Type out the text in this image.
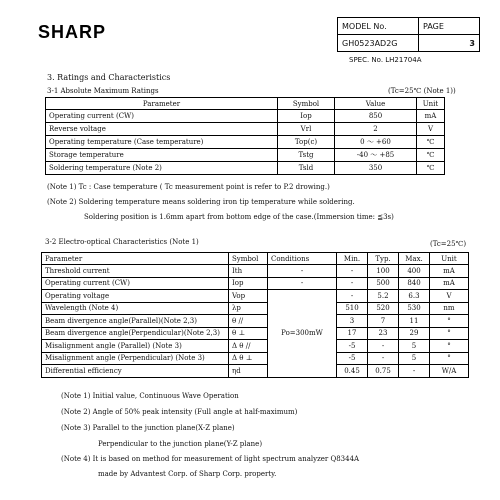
SHARP	MODEL No.	PAGE
GH0523AD2G	3
SPEC. No. LH21704A
3. Ratings and Characteristics
3-1 Absolute Maximum Ratings	(Tc=25℃ (Note 1))
Parameter	Symbol	Value	Unit
Operating current (CW)	Iop	850	mA
Reverse voltage	Vrl	2	V
Operating temperature (Case temperature)	Top(c)	0 〜 +60	℃
Storage temperature	Tstg	-40 〜 +85	℃
Soldering temperature (Note 2)	Tsld	350	℃
(Note 1) Tc : Case temperature ( Tc measurement point is refer to P.2 drowing.)
(Note 2) Soldering temperature means soldering iron tip temperature while soldering.
Soldering position is 1.6mm apart from bottom edge of the case.(Immersion time: ≦3s)
3-2 Electro-optical Characteristics (Note 1)	(Tc=25℃)
Parameter	Symbol	Conditions	Min.	Typ.	Max.	Unit
Threshold current	Ith	-	-	100	400	mA
Operating current (CW)	Iop	-	-	500	840	mA
Operating voltage	Vop	Po=300mW	-	5.2	6.3	V
Wavelength (Note 4)	λp		510	520	530	nm
Beam divergence angle(Parallel)(Note 2,3)	θ //		3	7	11	°
Beam divergence angle(Perpendicular)(Note 2,3)	θ ⊥		17	23	29	°
Misalignment angle (Parallel) (Note 3)	Δ θ //		-5	-	5	°
Misalignment angle (Perpendicular) (Note 3)	Δ θ ⊥		-5	-	5	°
Differential efficiency	ηd		0.45	0.75	-	W/A
(Note 1) Initial value, Continuous Wave Operation
(Note 2) Angle of 50% peak intensity (Full angle at half-maximum)
(Note 3) Parallel to the junction plane(X-Z plane)
Perpendicular to the junction plane(Y-Z plane)
(Note 4) It is based on method for measurement of light spectrum analyzer Q8344A
made by Advantest Corp. of Sharp Corp. property.
